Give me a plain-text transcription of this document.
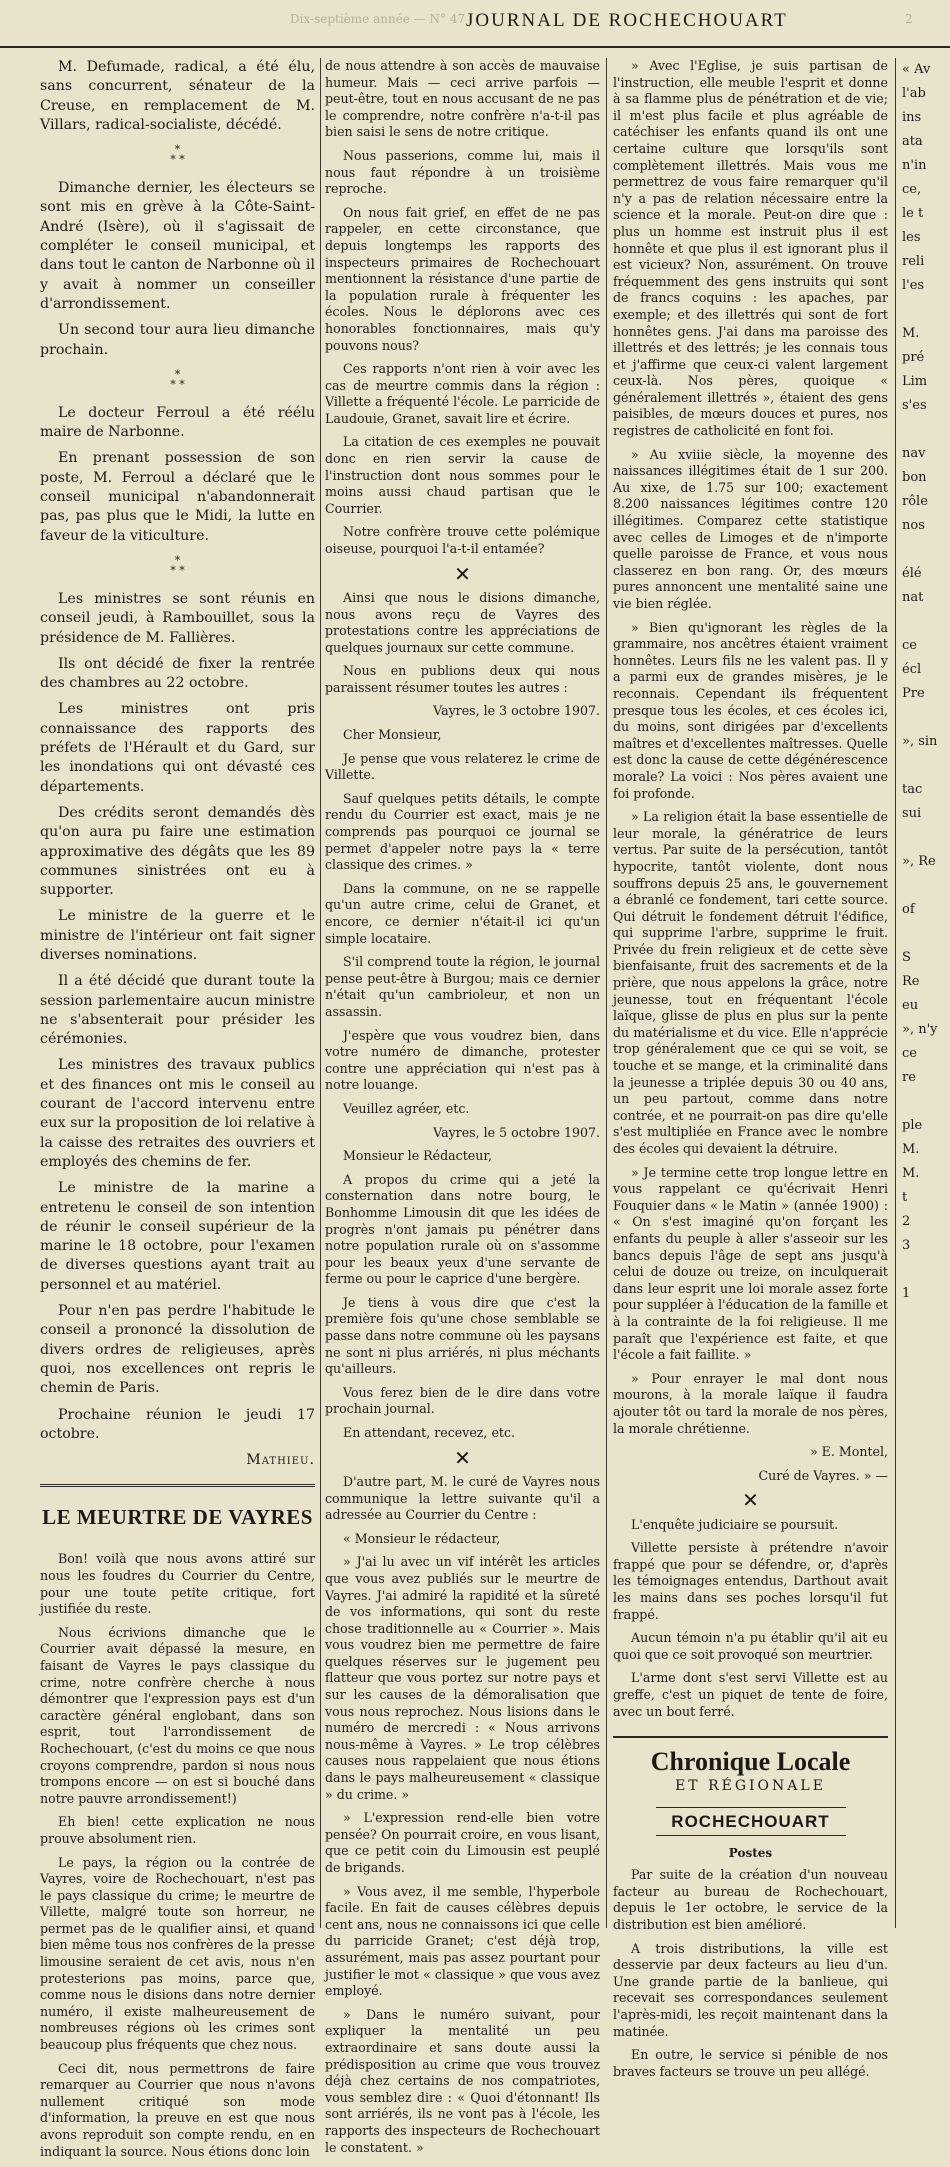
Dix-septième année — N° 47 JOURNAL DE ROCHECHOUART	2

M. Defumade, radical, a été élu, sans concurrent, sénateur de la Creuse, en remplacement de M. Villars, radical-socialiste, décédé.

*
* *

Dimanche dernier, les électeurs se sont mis en grève à la Côte-Saint-André (Isère), où il s'agissait de compléter le conseil municipal, et dans tout le canton de Narbonne où il y avait à nommer un conseiller d'arrondissement.

Un second tour aura lieu dimanche prochain.

*
* *

Le docteur Ferroul a été réélu maire de Narbonne.

En prenant possession de son poste, M. Ferroul a déclaré que le conseil municipal n'abandonnerait pas, pas plus que le Midi, la lutte en faveur de la viticulture.

*
* *

Les ministres se sont réunis en conseil jeudi, à Rambouillet, sous la présidence de M. Fallières.

Ils ont décidé de fixer la rentrée des chambres au 22 octobre.

Les ministres ont pris connaissance des rapports des préfets de l'Hérault et du Gard, sur les inondations qui ont dévasté ces départements.

Des crédits seront demandés dès qu'on aura pu faire une estimation approximative des dégâts que les 89 communes sinistrées ont eu à supporter.

Le ministre de la guerre et le ministre de l'intérieur ont fait signer diverses nominations.

Il a été décidé que durant toute la session parlementaire aucun ministre ne s'absenterait pour présider les cérémonies.

Les ministres des travaux publics et des finances ont mis le conseil au courant de l'accord intervenu entre eux sur la proposition de loi relative à la caisse des retraites des ouvriers et employés des chemins de fer.

Le ministre de la marine a entretenu le conseil de son intention de réunir le conseil supérieur de la marine le 18 octobre, pour l'examen de diverses questions ayant trait au personnel et au matériel.

Pour n'en pas perdre l'habitude le conseil a prononcé la dissolution de divers ordres de religieuses, après quoi, nos excellences ont repris le chemin de Paris.

Prochaine réunion le jeudi 17 octobre.

Mathieu.

LE MEURTRE DE VAYRES

Bon! voilà que nous avons attiré sur nous les foudres du Courrier du Centre, pour une toute petite critique, fort justifiée du reste.

Nous écrivions dimanche que le Courrier avait dépassé la mesure, en faisant de Vayres le pays classique du crime, notre confrère cherche à nous démontrer que l'expression pays est d'un caractère général englobant, dans son esprit, tout l'arrondissement de Rochechouart, (c'est du moins ce que nous croyons comprendre, pardon si nous nous trompons encore — on est si bouché dans notre pauvre arrondissement!)

Eh bien! cette explication ne nous prouve absolument rien.

Le pays, la région ou la contrée de Vayres, voire de Rochechouart, n'est pas le pays classique du crime; le meurtre de Villette, malgré toute son horreur, ne permet pas de le qualifier ainsi, et quand bien même tous nos confrères de la presse limousine seraient de cet avis, nous n'en protesterions pas moins, parce que, comme nous le disions dans notre dernier numéro, il existe malheureusement de nombreuses régions où les crimes sont beaucoup plus fréquents que chez nous.

Ceci dit, nous permettrons de faire remarquer au Courrier que nous n'avons nullement critiqué son mode d'information, la preuve en est que nous avons reproduit son compte rendu, en en indiquant la source. Nous étions donc loin

de nous attendre à son accès de mauvaise humeur. Mais — ceci arrive parfois — peut-être, tout en nous accusant de ne pas le comprendre, notre confrère n'a-t-il pas bien saisi le sens de notre critique.

Nous passerions, comme lui, mais il nous faut répondre à un troisième reproche.

On nous fait grief, en effet de ne pas rappeler, en cette circonstance, que depuis longtemps les rapports des inspecteurs primaires de Rochechouart mentionnent la résistance d'une partie de la population rurale à fréquenter les écoles. Nous le déplorons avec ces honorables fonctionnaires, mais qu'y pouvons nous?

Ces rapports n'ont rien à voir avec les cas de meurtre commis dans la région : Villette a fréquenté l'école. Le parricide de Laudouie, Granet, savait lire et écrire.

La citation de ces exemples ne pouvait donc en rien servir la cause de l'instruction dont nous sommes pour le moins aussi chaud partisan que le Courrier.

Notre confrère trouve cette polémique oiseuse, pourquoi l'a-t-il entamée?

✕

Ainsi que nous le disions dimanche, nous avons reçu de Vayres des protestations contre les appréciations de quelques journaux sur cette commune.

Nous en publions deux qui nous paraissent résumer toutes les autres :

Vayres, le 3 octobre 1907.

Cher Monsieur,

Je pense que vous relaterez le crime de Villette.

Sauf quelques petits détails, le compte rendu du Courrier est exact, mais je ne comprends pas pourquoi ce journal se permet d'appeler notre pays la « terre classique des crimes. »

Dans la commune, on ne se rappelle qu'un autre crime, celui de Granet, et encore, ce dernier n'était-il ici qu'un simple locataire.

S'il comprend toute la région, le journal pense peut-être à Burgou; mais ce dernier n'était qu'un cambrioleur, et non un assassin.

J'espère que vous voudrez bien, dans votre numéro de dimanche, protester contre une appréciation qui n'est pas à notre louange.

Veuillez agréer, etc.

Vayres, le 5 octobre 1907.

Monsieur le Rédacteur,

A propos du crime qui a jeté la consternation dans notre bourg, le Bonhomme Limousin dit que les idées de progrès n'ont jamais pu pénétrer dans notre population rurale où on s'assomme pour les beaux yeux d'une servante de ferme ou pour le caprice d'une bergère.

Je tiens à vous dire que c'est la première fois qu'une chose semblable se passe dans notre commune où les paysans ne sont ni plus arriérés, ni plus méchants qu'ailleurs.

Vous ferez bien de le dire dans votre prochain journal.

En attendant, recevez, etc.

✕

D'autre part, M. le curé de Vayres nous communique la lettre suivante qu'il a adressée au Courrier du Centre :

« Monsieur le rédacteur,

» J'ai lu avec un vif intérêt les articles que vous avez publiés sur le meurtre de Vayres. J'ai admiré la rapidité et la sûreté de vos informations, qui sont du reste chose traditionnelle au « Courrier ». Mais vous voudrez bien me permettre de faire quelques réserves sur le jugement peu flatteur que vous portez sur notre pays et sur les causes de la démoralisation que vous nous reprochez. Nous lisions dans le numéro de mercredi : « Nous arrivons nous-même à Vayres. » Le trop célèbres causes nous rappelaient que nous étions dans le pays malheureusement « classique » du crime. »

» L'expression rend-elle bien votre pensée? On pourrait croire, en vous lisant, que ce petit coin du Limousin est peuplé de brigands.

» Vous avez, il me semble, l'hyperbole facile. En fait de causes célèbres depuis cent ans, nous ne connaissons ici que celle du parricide Granet; c'est déjà trop, assurément, mais pas assez pourtant pour justifier le mot « classique » que vous avez employé.

» Dans le numéro suivant, pour expliquer la mentalité un peu extraordinaire et sans doute aussi la prédisposition au crime que vous trouvez déjà chez certains de nos compatriotes, vous semblez dire : « Quoi d'étonnant! Ils sont arriérés, ils ne vont pas à l'école, les rapports des inspecteurs de Rochechouart le constatent. »

» Avec l'Eglise, je suis partisan de l'instruction, elle meuble l'esprit et donne à sa flamme plus de pénétration et de vie; il m'est plus facile et plus agréable de catéchiser les enfants quand ils ont une certaine culture que lorsqu'ils sont complètement illettrés. Mais vous me permettrez de vous faire remarquer qu'il n'y a pas de relation nécessaire entre la science et la morale. Peut-on dire que : plus un homme est instruit plus il est honnête et que plus il est ignorant plus il est vicieux? Non, assurément. On trouve fréquemment des gens instruits qui sont de francs coquins : les apaches, par exemple; et des illettrés qui sont de fort honnêtes gens. J'ai dans ma paroisse des illettrés et des lettrés; je les connais tous et j'affirme que ceux-ci valent largement ceux-là. Nos pères, quoique « généralement illettrés », étaient des gens paisibles, de mœurs douces et pures, nos registres de catholicité en font foi.

» Au xviiie siècle, la moyenne des naissances illégitimes était de 1 sur 200. Au xixe, de 1.75 sur 100; exactement 8.200 naissances légitimes contre 120 illégitimes. Comparez cette statistique avec celles de Limoges et de n'importe quelle paroisse de France, et vous nous classerez en bon rang. Or, des mœurs pures annoncent une mentalité saine une vie bien réglée.

» Bien qu'ignorant les règles de la grammaire, nos ancêtres étaient vraiment honnêtes. Leurs fils ne les valent pas. Il y a parmi eux de grandes misères, je le reconnais. Cependant ils fréquentent presque tous les écoles, et ces écoles ici, du moins, sont dirigées par d'excellents maîtres et d'excellentes maîtresses. Quelle est donc la cause de cette dégénérescence morale? La voici : Nos pères avaient une foi profonde.

» La religion était la base essentielle de leur morale, la génératrice de leurs vertus. Par suite de la persécution, tantôt hypocrite, tantôt violente, dont nous souffrons depuis 25 ans, le gouvernement a ébranlé ce fondement, tari cette source. Qui détruit le fondement détruit l'édifice, qui supprime l'arbre, supprime le fruit. Privée du frein religieux et de cette sève bienfaisante, fruit des sacrements et de la prière, que nous appelons la grâce, notre jeunesse, tout en fréquentant l'école laïque, glisse de plus en plus sur la pente du matérialisme et du vice. Elle n'apprécie trop généralement que ce qui se voit, se touche et se mange, et la criminalité dans la jeunesse a triplée depuis 30 ou 40 ans, un peu partout, comme dans notre contrée, et ne pourrait-on pas dire qu'elle s'est multipliée en France avec le nombre des écoles qui devaient la détruire.

» Je termine cette trop longue lettre en vous rappelant ce qu'écrivait Henri Fouquier dans « le Matin » (année 1900) : « On s'est imaginé qu'on forçant les enfants du peuple à aller s'asseoir sur les bancs depuis l'âge de sept ans jusqu'à celui de douze ou treize, on inculquerait dans leur esprit une loi morale assez forte pour suppléer à l'éducation de la famille et à la contrainte de la foi religieuse. Il me paraît que l'expérience est faite, et que l'école a fait faillite. »

» Pour enrayer le mal dont nous mourons, à la morale laïque il faudra ajouter tôt ou tard la morale de nos pères, la morale chrétienne.

» E. Montel,

Curé de Vayres. » —

✕

L'enquête judiciaire se poursuit.

Villette persiste à prétendre n'avoir frappé que pour se défendre, or, d'après les témoignages entendus, Darthout avait les mains dans ses poches lorsqu'il fut frappé.

Aucun témoin n'a pu établir qu'il ait eu quoi que ce soit provoqué son meurtrier.

L'arme dont s'est servi Villette est au greffe, c'est un piquet de tente de foire, avec un bout ferré.

Chronique Locale
ET RÉGIONALE
ROCHECHOUART
Postes

Par suite de la création d'un nouveau facteur au bureau de Rochechouart, depuis le 1er octobre, le service de la distribution est bien amélioré.

A trois distributions, la ville est desservie par deux facteurs au lieu d'un. Une grande partie de la banlieue, qui recevait ses correspondances seulement l'après-midi, les reçoit maintenant dans la matinée.

En outre, le service si pénible de nos braves facteurs se trouve un peu allégé.

« Av
l'ab
ins
ata
n'in
ce,
le t
les
reli
l'es

M.
pré
Lim
s'es

nav
bon
rôle
nos

élé
nat

ce
écl
Pre

», sin

tac
sui

», Re

of

S
Re
eu
», n'y
ce
re

ple
M.
M.
t
2
3

1
